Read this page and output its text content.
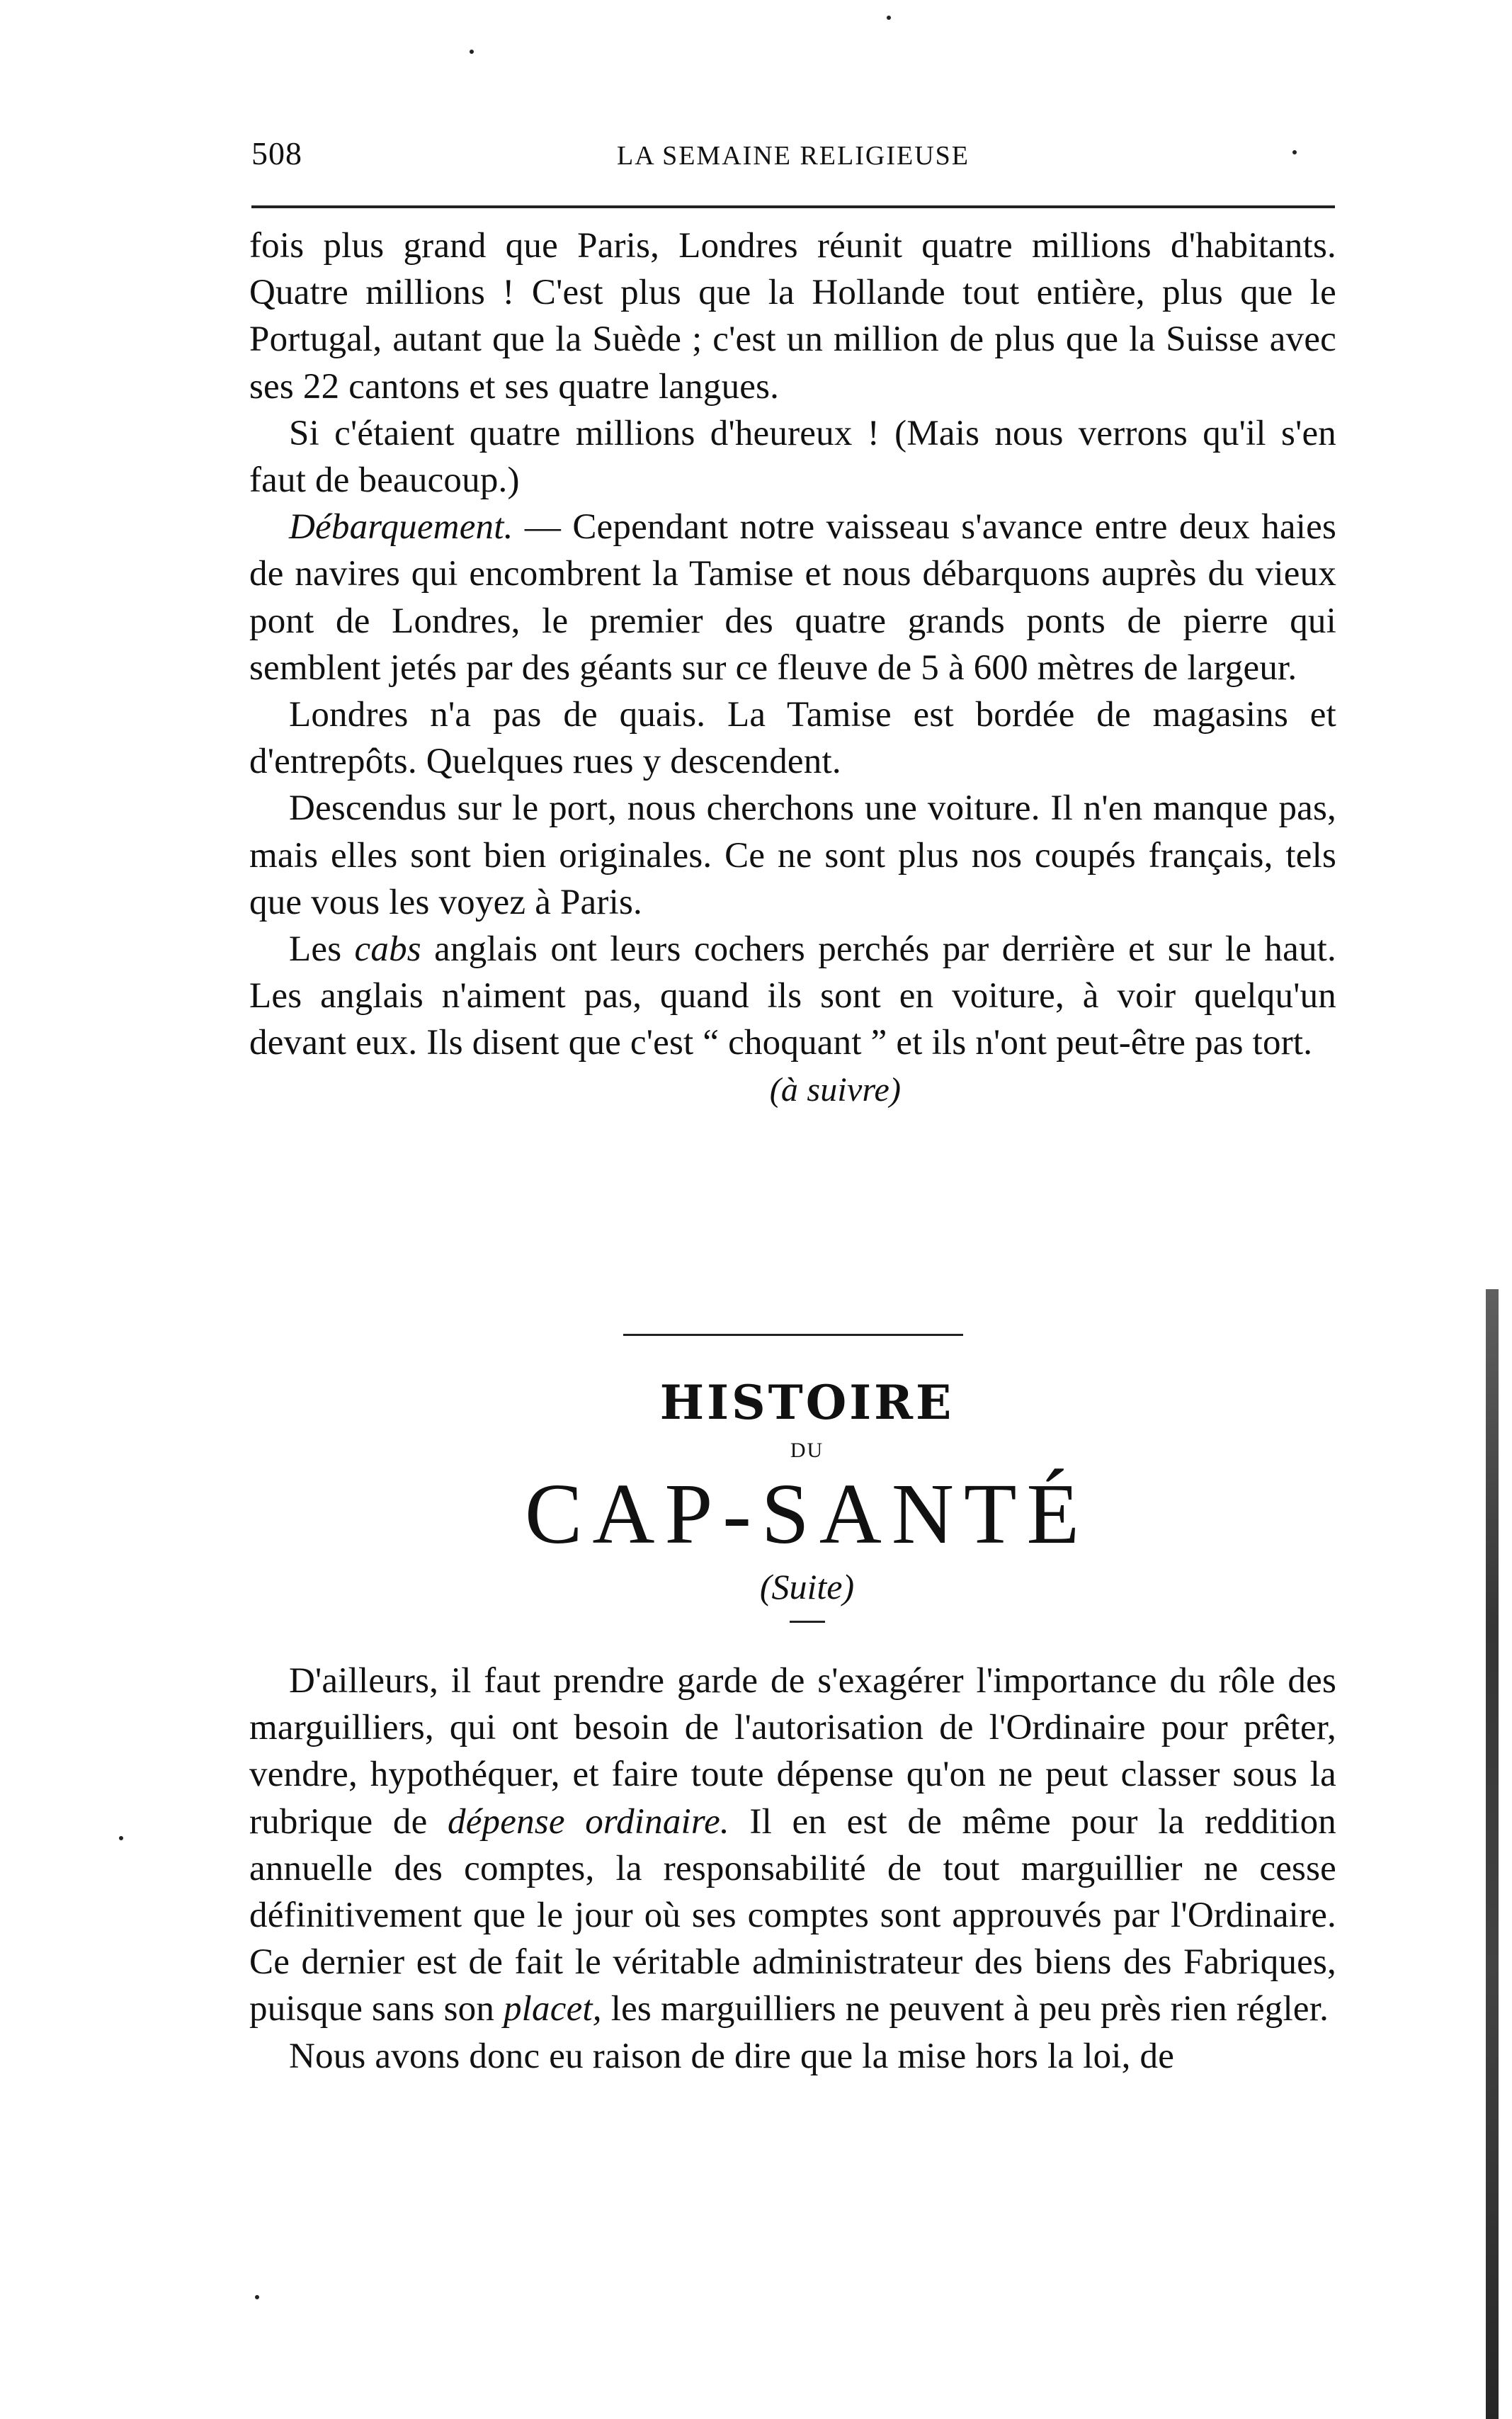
508	LA SEMAINE RELIGIEUSE

fois plus grand que Paris, Londres réunit quatre millions d'habitants. Quatre millions ! C'est plus que la Hollande tout entière, plus que le Portugal, autant que la Suède ; c'est un million de plus que la Suisse avec ses 22 cantons et ses quatre langues.

Si c'étaient quatre millions d'heureux ! (Mais nous verrons qu'il s'en faut de beaucoup.)

Débarquement. — Cependant notre vaisseau s'avance entre deux haies de navires qui encombrent la Tamise et nous débarquons auprès du vieux pont de Londres, le premier des quatre grands ponts de pierre qui semblent jetés par des géants sur ce fleuve de 5 à 600 mètres de largeur.

Londres n'a pas de quais. La Tamise est bordée de magasins et d'entrepôts. Quelques rues y descendent.

Descendus sur le port, nous cherchons une voiture. Il n'en manque pas, mais elles sont bien originales. Ce ne sont plus nos coupés français, tels que vous les voyez à Paris.

Les cabs anglais ont leurs cochers perchés par derrière et sur le haut. Les anglais n'aiment pas, quand ils sont en voiture, à voir quelqu'un devant eux. Ils disent que c'est “ choquant ” et ils n'ont peut-être pas tort.

(à suivre)
HISTOIRE
DU
CAP-SANTÉ
(Suite)

D'ailleurs, il faut prendre garde de s'exagérer l'importance du rôle des marguilliers, qui ont besoin de l'autorisation de l'Ordinaire pour prêter, vendre, hypothéquer, et faire toute dépense qu'on ne peut classer sous la rubrique de dépense ordinaire. Il en est de même pour la reddition annuelle des comptes, la responsabilité de tout marguillier ne cesse définitivement que le jour où ses comptes sont approuvés par l'Ordinaire. Ce dernier est de fait le véritable administrateur des biens des Fabriques, puisque sans son placet, les marguilliers ne peuvent à peu près rien régler.

Nous avons donc eu raison de dire que la mise hors la loi, de
